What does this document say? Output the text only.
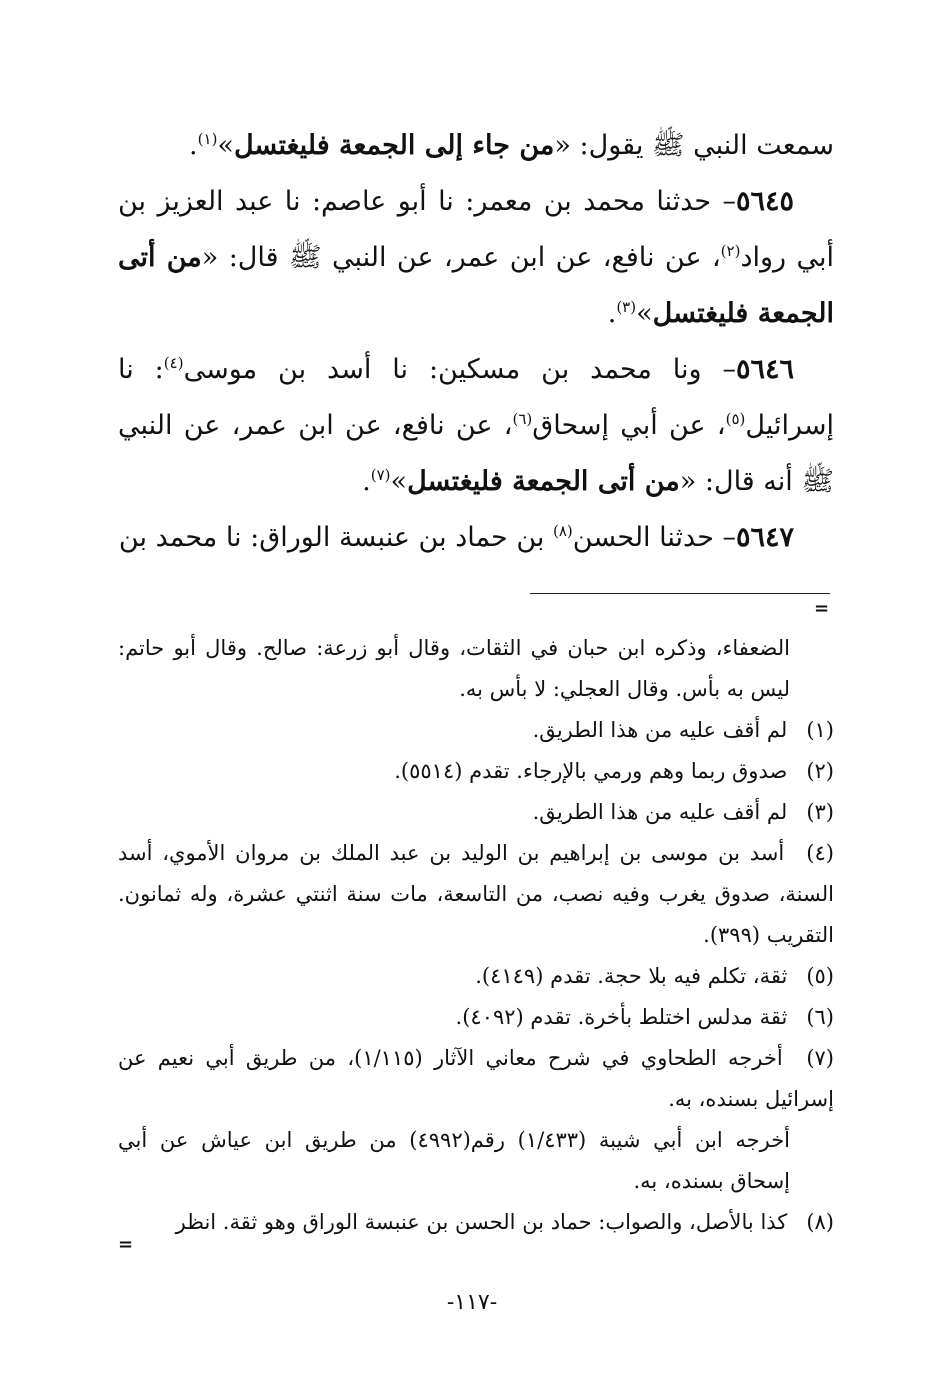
سمعت النبي ﷺ يقول: «من جاء إلى الجمعة فليغتسل»$^{(١)}$.

٥٦٤٥– حدثنا محمد بن معمر: نا أبو عاصم: نا عبد العزيز بن أبي رواد$^{(٢)}$، عن نافع، عن ابن عمر، عن النبي ﷺ قال: «من أتى الجمعة فليغتسل»$^{(٣)}$.

٥٦٤٦– ونا محمد بن مسكين: نا أسد بن موسى$^{(٤)}$: نا إسرائيل$^{(٥)}$، عن أبي إسحاق$^{(٦)}$، عن نافع، عن ابن عمر، عن النبي ﷺ أنه قال: «من أتى الجمعة فليغتسل»$^{(٧)}$.

٥٦٤٧– حدثنا الحسن$^{(٨)}$ بن حماد بن عنبسة الوراق: نا محمد بن

=

الضعفاء، وذكره ابن حبان في الثقات، وقال أبو زرعة: صالح. وقال أبو حاتم: ليس به بأس. وقال العجلي: لا بأس به.

(١) لم أقف عليه من هذا الطريق.

(٢) صدوق ربما وهم ورمي بالإرجاء. تقدم (٥٥١٤).

(٣) لم أقف عليه من هذا الطريق.

(٤) أسد بن موسى بن إبراهيم بن الوليد بن عبد الملك بن مروان الأموي، أسد السنة، صدوق يغرب وفيه نصب، من التاسعة، مات سنة اثنتي عشرة، وله ثمانون. التقريب (٣٩٩).

(٥) ثقة، تكلم فيه بلا حجة. تقدم (٤١٤٩).

(٦) ثقة مدلس اختلط بأخرة. تقدم (٤٠٩٢).

(٧) أخرجه الطحاوي في شرح معاني الآثار (١/١١٥)، من طريق أبي نعيم عن إسرائيل بسنده، به.

أخرجه ابن أبي شيبة (١/٤٣٣) رقم(٤٩٩٢) من طريق ابن عياش عن أبي إسحاق بسنده، به.

(٨) كذا بالأصل، والصواب: حماد بن الحسن بن عنبسة الوراق وهو ثقة. انظر

=
-١١٧-
